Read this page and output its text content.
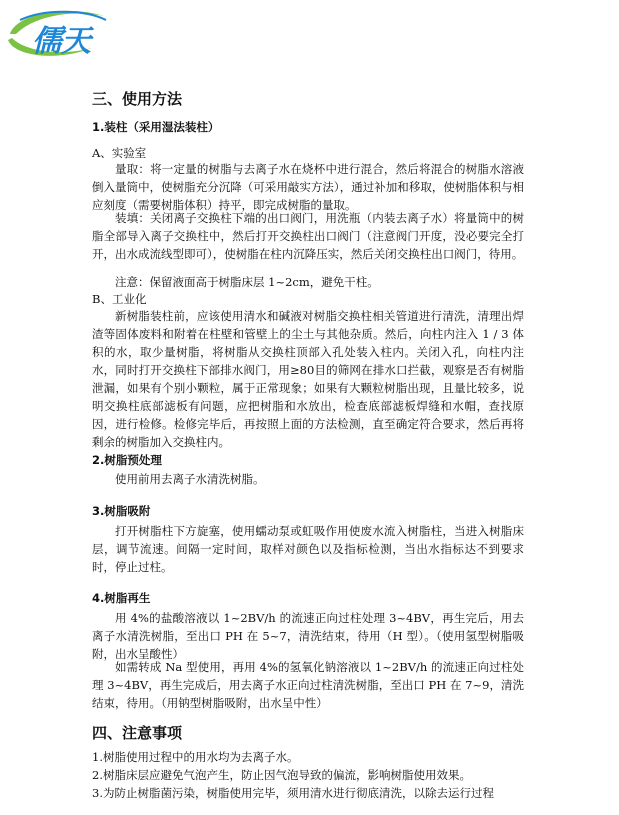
儒天
三、使用方法
1.装柱（采用湿法装柱）
A、实验室
量取：将一定量的树脂与去离子水在烧杯中进行混合，然后将混合的树脂水溶液倒入量筒中，使树脂充分沉降（可采用敲实方法），通过补加和移取，使树脂体积与相应刻度（需要树脂体积）持平，即完成树脂的量取。
装填：关闭离子交换柱下端的出口阀门，用洗瓶（内装去离子水）将量筒中的树脂全部导入离子交换柱中，然后打开交换柱出口阀门（注意阀门开度，没必要完全打开，出水成流线型即可），使树脂在柱内沉降压实，然后关闭交换柱出口阀门，待用。
注意：保留液面高于树脂床层 1~2cm，避免干柱。
B、工业化
新树脂装柱前，应该使用清水和碱液对树脂交换柱相关管道进行清洗，清理出焊渣等固体废料和附着在柱壁和管壁上的尘土与其他杂质。然后，向柱内注入 1 / 3 体积的水，取少量树脂，将树脂从交换柱顶部入孔处装入柱内。关闭入孔，向柱内注水，同时打开交换柱下部排水阀门，用≥80目的筛网在排水口拦截，观察是否有树脂泄漏，如果有个别小颗粒，属于正常现象；如果有大颗粒树脂出现，且量比较多，说明交换柱底部滤板有问题，应把树脂和水放出，检查底部滤板焊缝和水帽，查找原因，进行检修。检修完毕后，再按照上面的方法检测，直至确定符合要求，然后再将剩余的树脂加入交换柱内。
2.树脂预处理
使用前用去离子水清洗树脂。
3.树脂吸附
打开树脂柱下方旋塞，使用蠕动泵或虹吸作用使废水流入树脂柱，当进入树脂床层，调节流速。间隔一定时间，取样对颜色以及指标检测，当出水指标达不到要求时，停止过柱。
4.树脂再生
用 4%的盐酸溶液以 1~2BV/h 的流速正向过柱处理 3~4BV，再生完后，用去离子水清洗树脂，至出口 PH 在 5~7，清洗结束，待用（H 型）。（使用氢型树脂吸附，出水呈酸性）
如需转成 Na 型使用，再用 4%的氢氧化钠溶液以 1~2BV/h 的流速正向过柱处理 3~4BV，再生完成后，用去离子水正向过柱清洗树脂，至出口 PH 在 7~9，清洗结束，待用。（用钠型树脂吸附，出水呈中性）
四、注意事项
1.树脂使用过程中的用水均为去离子水。
2.树脂床层应避免气泡产生，防止因气泡导致的偏流，影响树脂使用效果。
3.为防止树脂菌污染，树脂使用完毕，须用清水进行彻底清洗，以除去运行过程
